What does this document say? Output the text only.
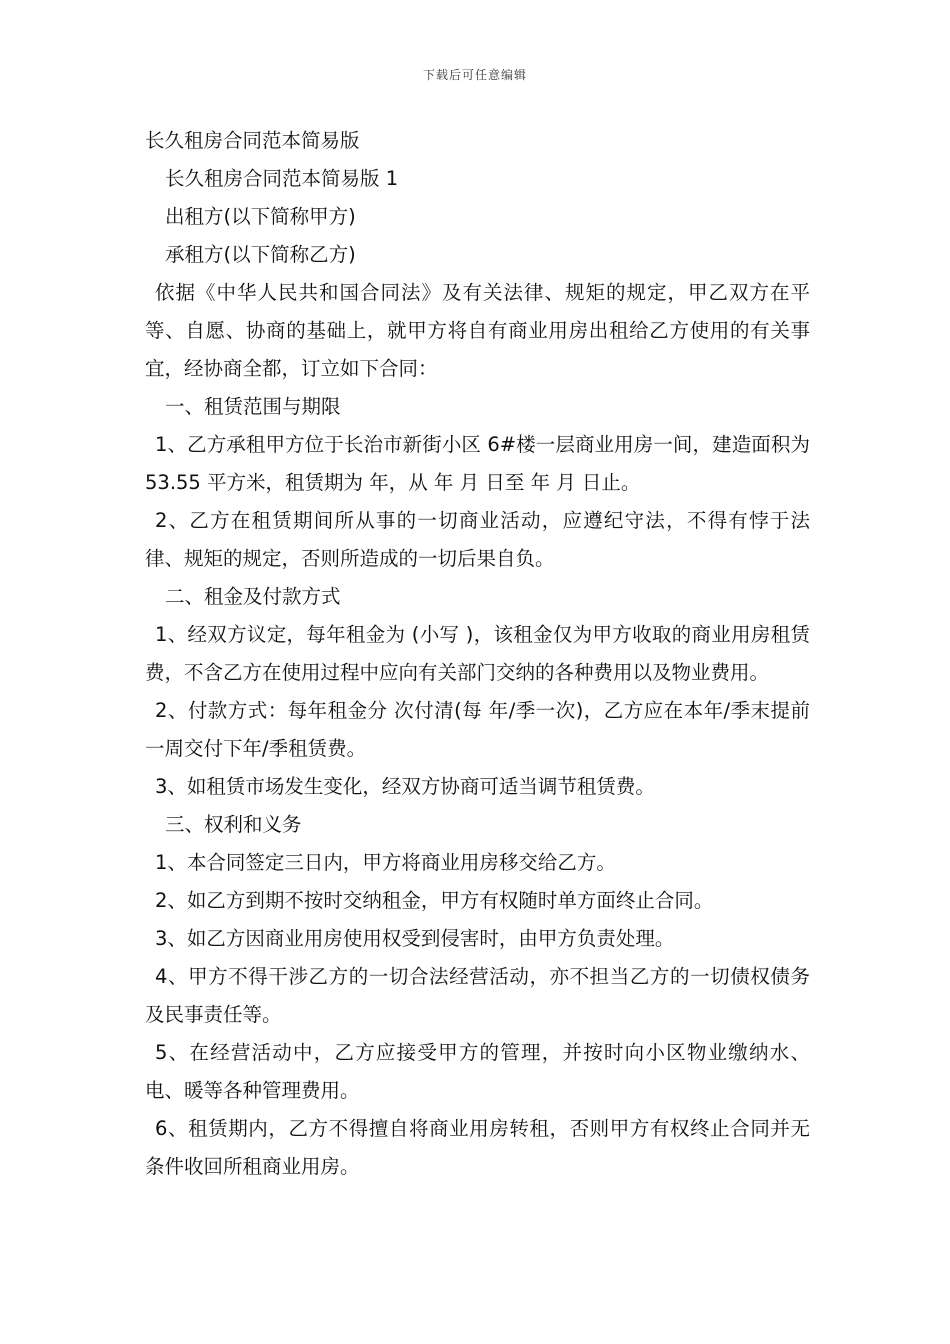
下载后可任意编辑

长久租房合同范本简易版

长久租房合同范本简易版 1

出租方(以下简称甲方)

承租方(以下简称乙方)

依据《中华人民共和国合同法》及有关法律、规矩的规定，甲乙双方在平等、自愿、协商的基础上，就甲方将自有商业用房出租给乙方使用的有关事宜，经协商全都，订立如下合同：

一、租赁范围与期限

1、乙方承租甲方位于长治市新街小区 6#楼一层商业用房一间，建造面积为 53.55 平方米，租赁期为 年，从 年 月 日至 年 月 日止。

2、乙方在租赁期间所从事的一切商业活动，应遵纪守法，不得有悖于法律、规矩的规定，否则所造成的一切后果自负。

二、租金及付款方式

1、经双方议定，每年租金为 (小写 )，该租金仅为甲方收取的商业用房租赁费，不含乙方在使用过程中应向有关部门交纳的各种费用以及物业费用。

2、付款方式：每年租金分 次付清(每 年/季一次)，乙方应在本年/季末提前一周交付下年/季租赁费。

3、如租赁市场发生变化，经双方协商可适当调节租赁费。

三、权利和义务

1、本合同签定三日内，甲方将商业用房移交给乙方。

2、如乙方到期不按时交纳租金，甲方有权随时单方面终止合同。

3、如乙方因商业用房使用权受到侵害时，由甲方负责处理。

4、甲方不得干涉乙方的一切合法经营活动，亦不担当乙方的一切债权债务及民事责任等。

5、在经营活动中，乙方应接受甲方的管理，并按时向小区物业缴纳水、电、暖等各种管理费用。

6、租赁期内，乙方不得擅自将商业用房转租，否则甲方有权终止合同并无条件收回所租商业用房。
